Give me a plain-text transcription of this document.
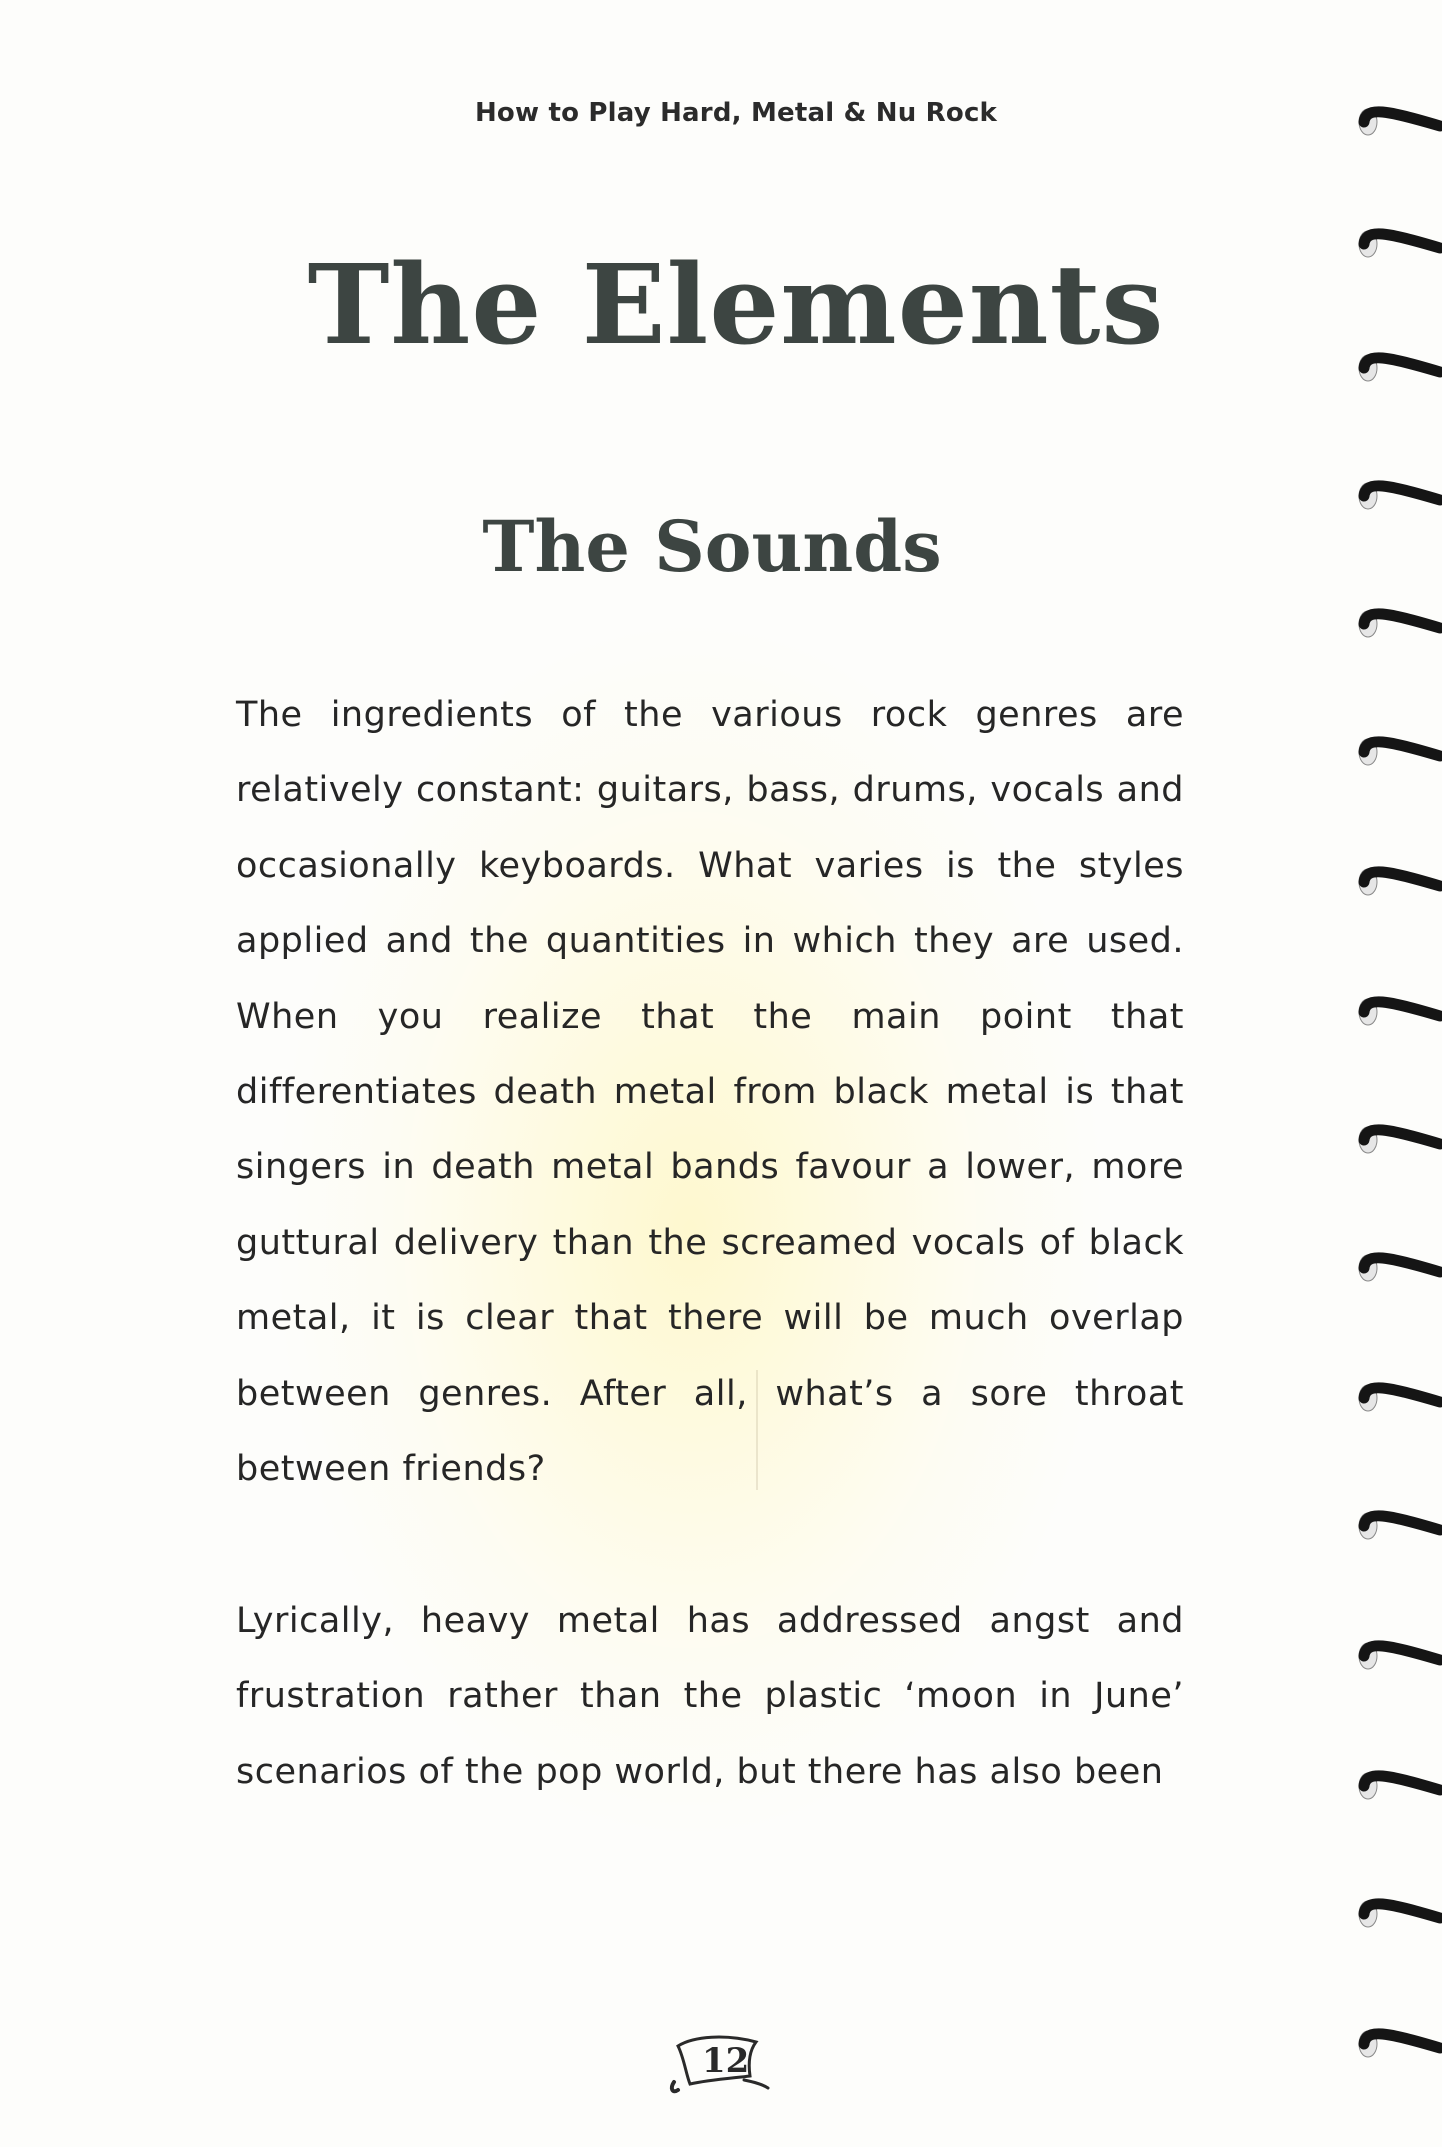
How to Play Hard, Metal & Nu Rock
The Elements
The Sounds

The ingredients of the various rock genres are relatively constant: guitars, bass, drums, vocals and occasionally keyboards. What varies is the styles applied and the quantities in which they are used. When you realize that the main point that differentiates death metal from black metal is that singers in death metal bands favour a lower, more guttural delivery than the screamed vocals of black metal, it is clear that there will be much overlap between genres. After all, what’s a sore throat between friends?

Lyrically, heavy metal has addressed angst and frustration rather than the plastic ‘moon in June’ scenarios of the pop world, but there has also been

12
